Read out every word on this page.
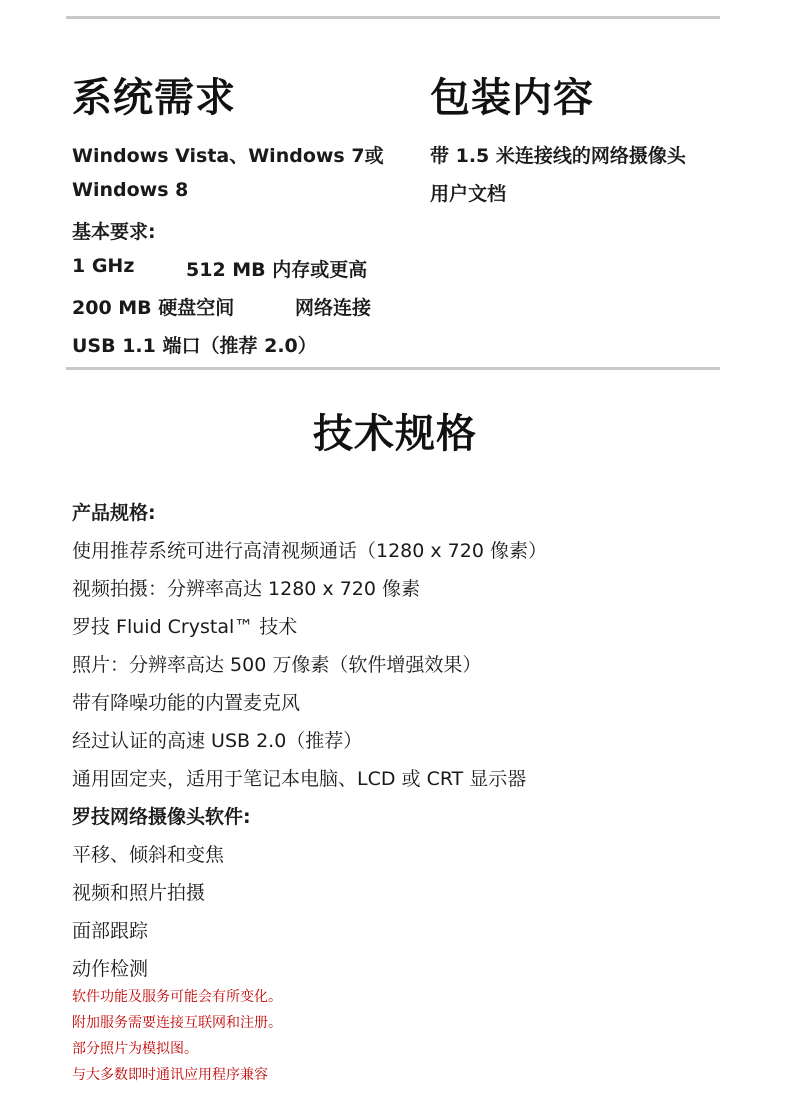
系统需求	包装内容
Windows Vista、Windows 7或
Windows 8
基本要求:
1 GHz	512 MB 内存或更高
200 MB 硬盘空间	网络连接
USB 1.1 端口（推荐 2.0）
带 1.5 米连接线的网络摄像头
用户文档
技术规格
产品规格:
使用推荐系统可进行高清视频通话（1280 x 720 像素）
视频拍摄：分辨率高达 1280 x 720 像素
罗技 Fluid Crystal™ 技术
照片：分辨率高达 500 万像素（软件增强效果）
带有降噪功能的内置麦克风
经过认证的高速 USB 2.0（推荐）
通用固定夹，适用于笔记本电脑、LCD 或 CRT 显示器
罗技网络摄像头软件:
平移、倾斜和变焦
视频和照片拍摄
面部跟踪
动作检测
软件功能及服务可能会有所变化。
附加服务需要连接互联网和注册。
部分照片为模拟图。
与大多数即时通讯应用程序兼容
